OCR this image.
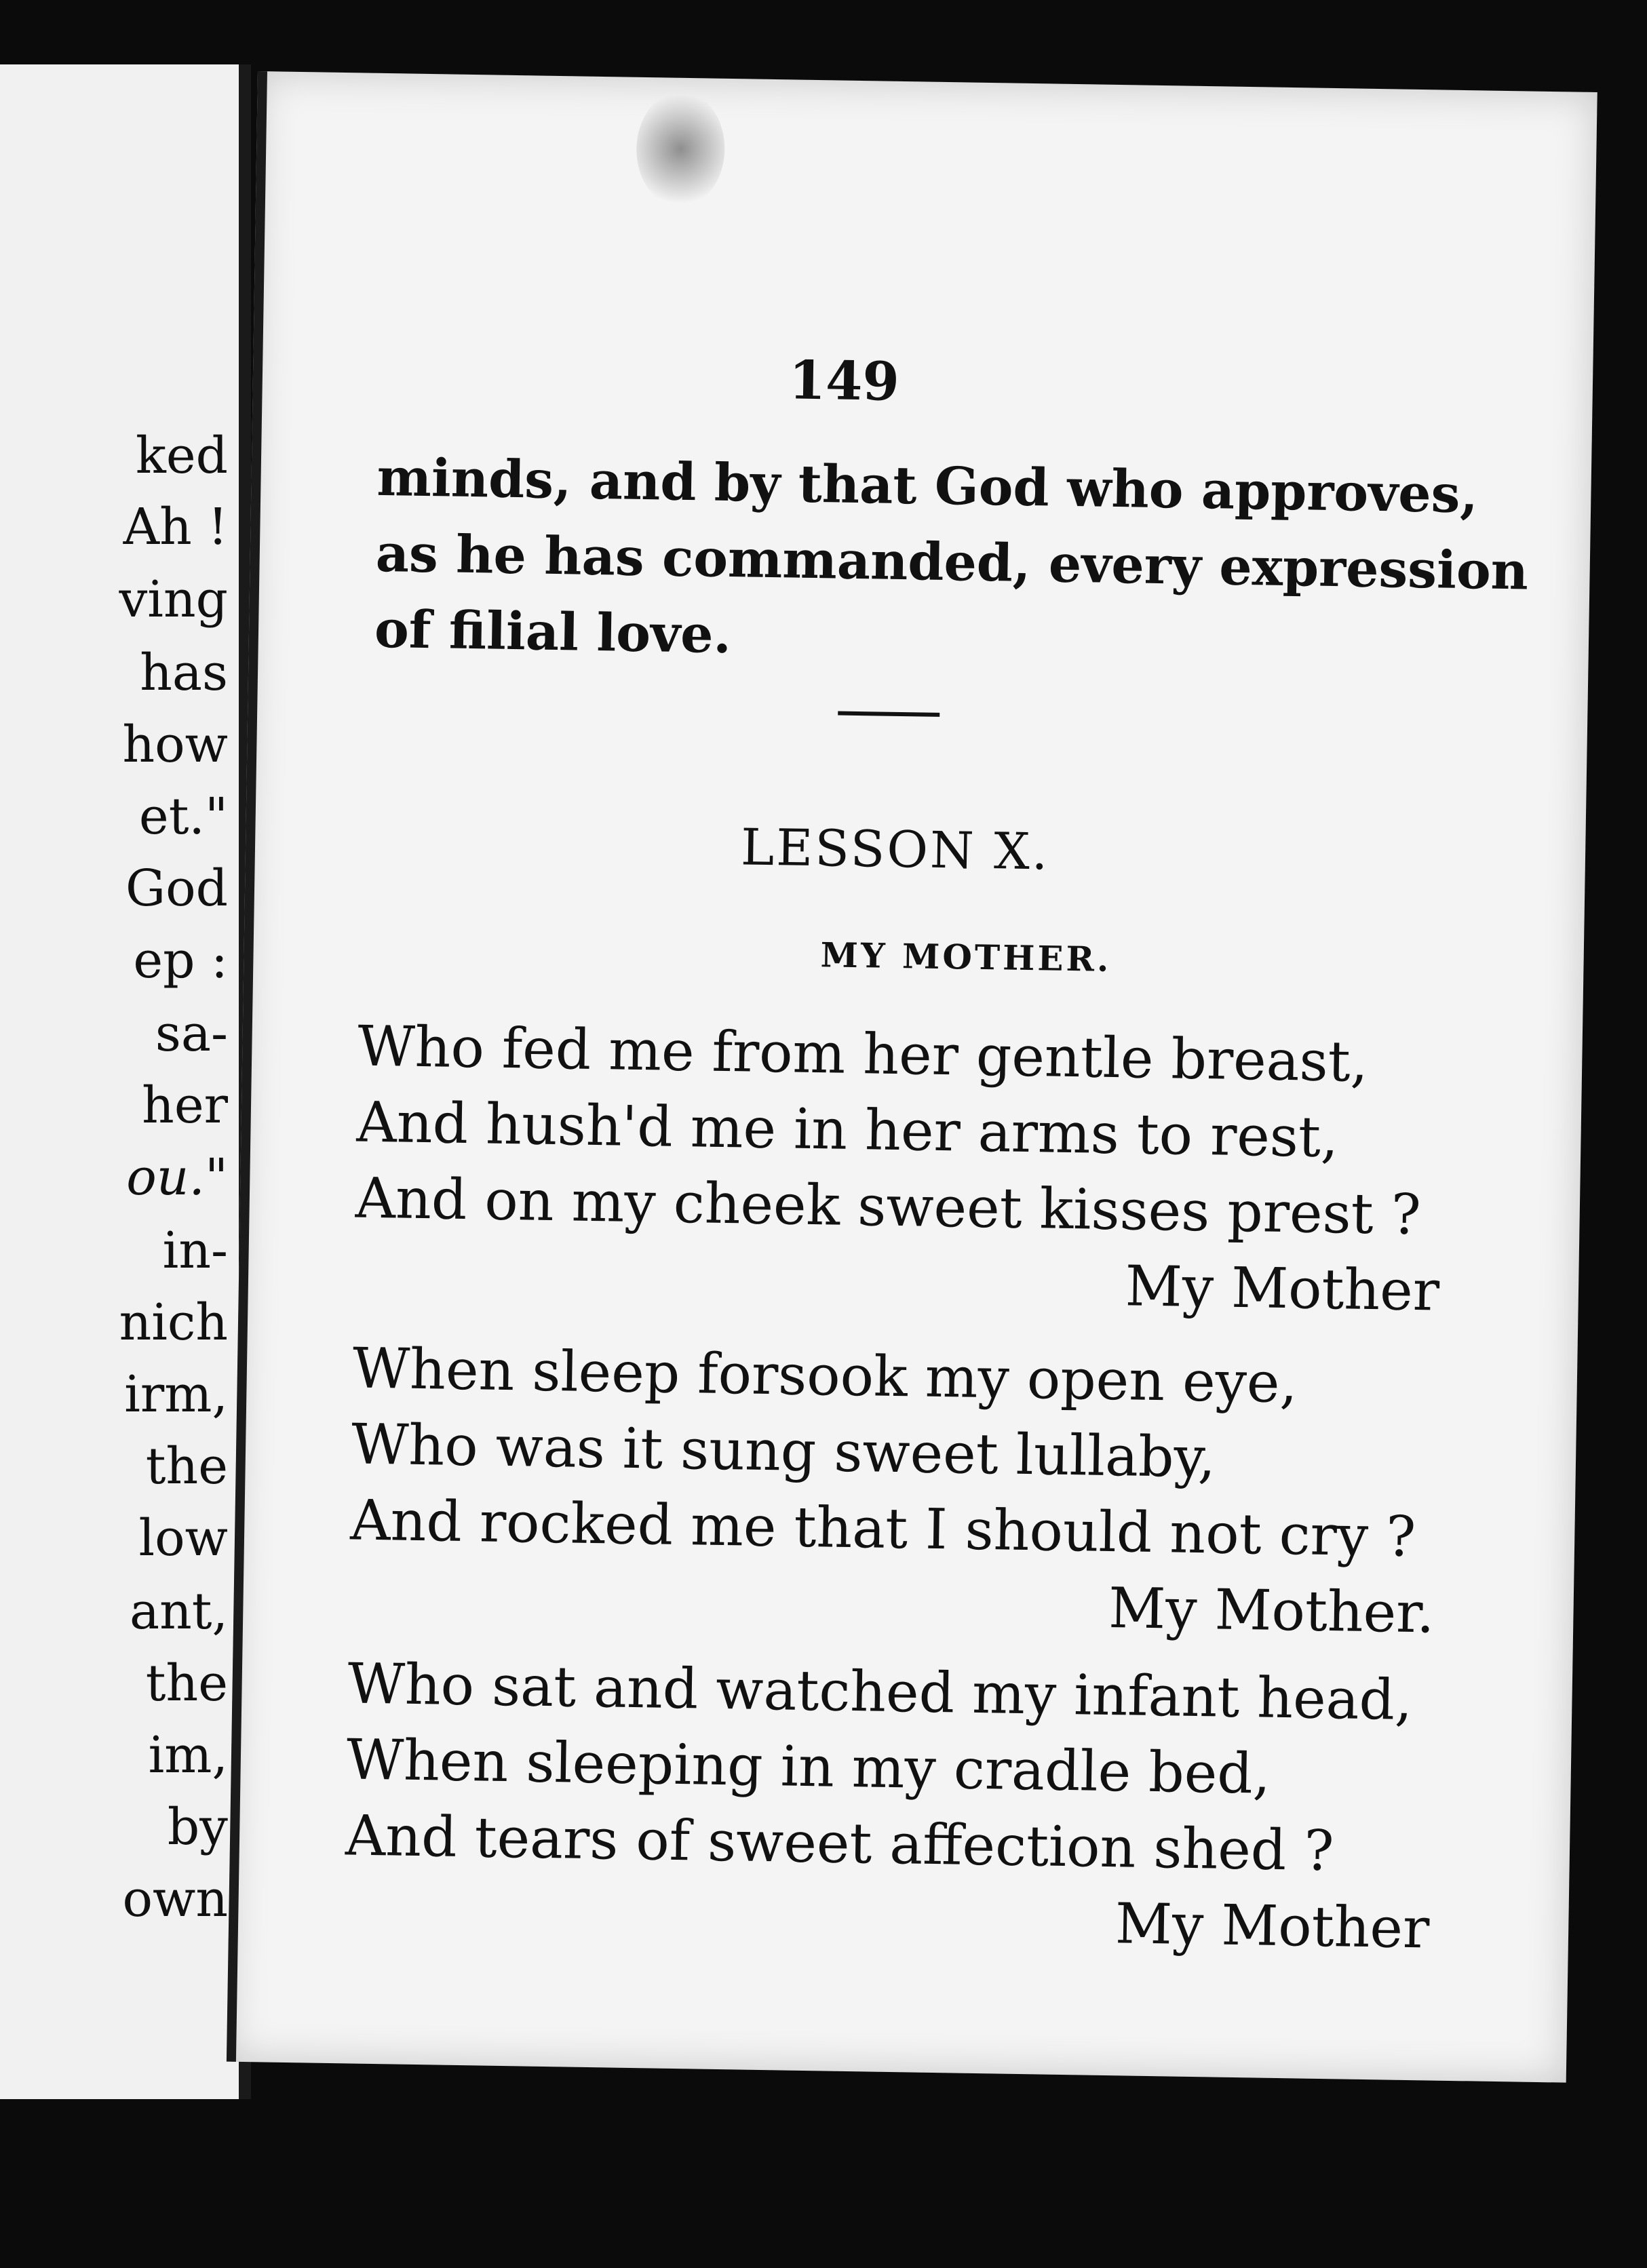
ked

Ah !

ving

has

how

et."

God

ep :

sa-

her

ou."

in-

nich

irm,

the

low

ant,

the

im,

by

own

149

minds, and by that God who approves,

as he has commanded, every expression

of filial love.

LESSON X.

MY MOTHER.

Who fed me from her gentle breast,
And hush'd me in her arms to rest,
And on my cheek sweet kisses prest ?
My Mother
When sleep forsook my open eye,
Who was it sung sweet lullaby,
And rocked me that I should not cry ?
My Mother.
Who sat and watched my infant head,
When sleeping in my cradle bed,
And tears of sweet affection shed ?
My Mother
